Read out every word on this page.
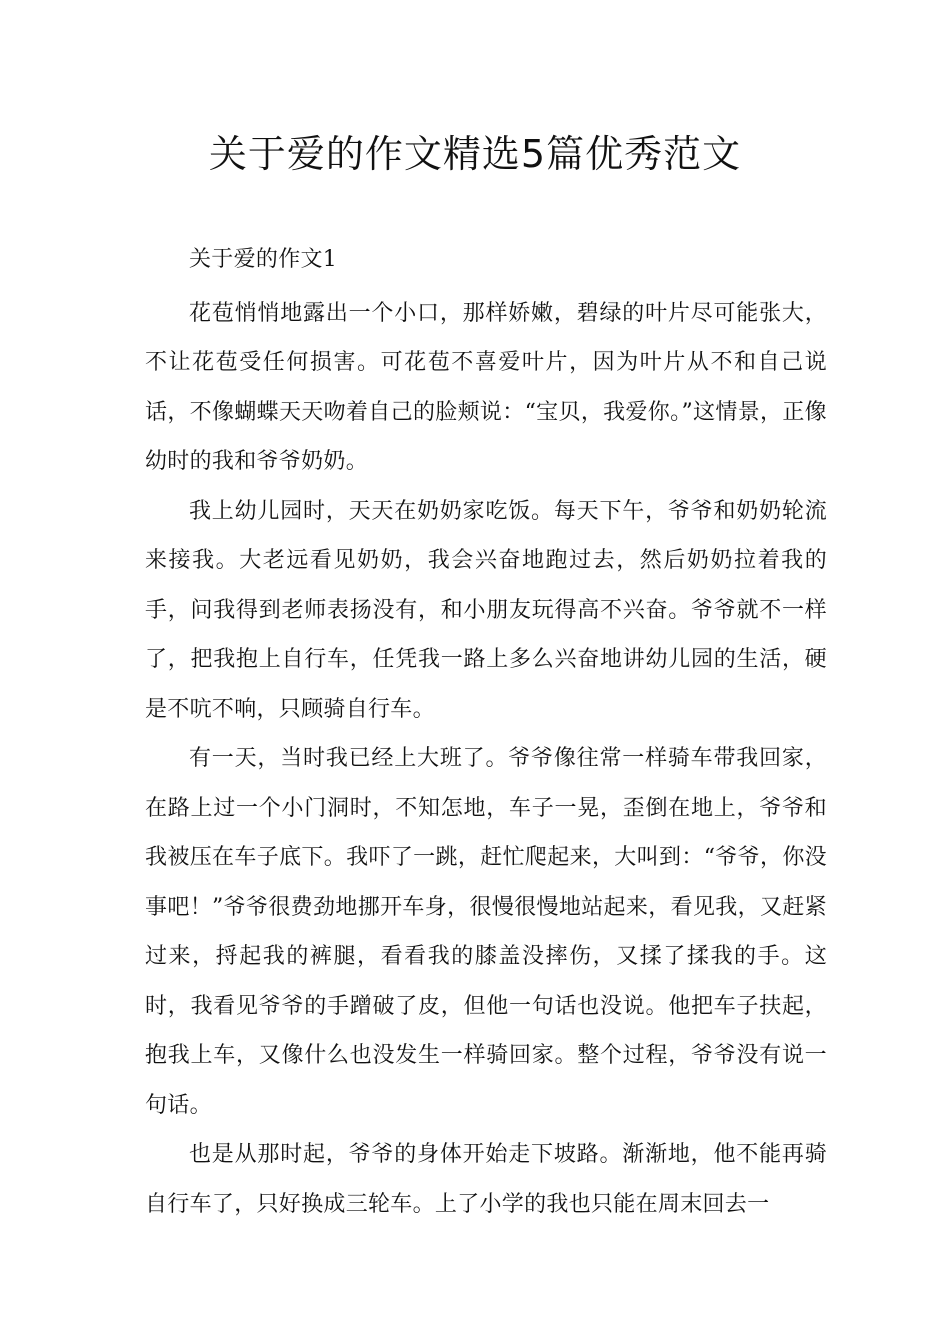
关于爱的作文精选5篇优秀范文

关于爱的作文1

花苞悄悄地露出一个小口，那样娇嫩，碧绿的叶片尽可能张大，不让花苞受任何损害。可花苞不喜爱叶片，因为叶片从不和自己说话，不像蝴蝶天天吻着自己的脸颊说：“宝贝，我爱你。”这情景，正像幼时的我和爷爷奶奶。

我上幼儿园时，天天在奶奶家吃饭。每天下午，爷爷和奶奶轮流来接我。大老远看见奶奶，我会兴奋地跑过去，然后奶奶拉着我的手，问我得到老师表扬没有，和小朋友玩得高不兴奋。爷爷就不一样了，把我抱上自行车，任凭我一路上多么兴奋地讲幼儿园的生活，硬是不吭不响，只顾骑自行车。

有一天，当时我已经上大班了。爷爷像往常一样骑车带我回家，在路上过一个小门洞时，不知怎地，车子一晃，歪倒在地上，爷爷和我被压在车子底下。我吓了一跳，赶忙爬起来，大叫到：“爷爷，你没事吧！”爷爷很费劲地挪开车身，很慢很慢地站起来，看见我，又赶紧过来，捋起我的裤腿，看看我的膝盖没摔伤，又揉了揉我的手。这时，我看见爷爷的手蹭破了皮，但他一句话也没说。他把车子扶起，抱我上车，又像什么也没发生一样骑回家。整个过程，爷爷没有说一句话。

也是从那时起，爷爷的身体开始走下坡路。渐渐地，他不能再骑自行车了，只好换成三轮车。上了小学的我也只能在周末回去一
